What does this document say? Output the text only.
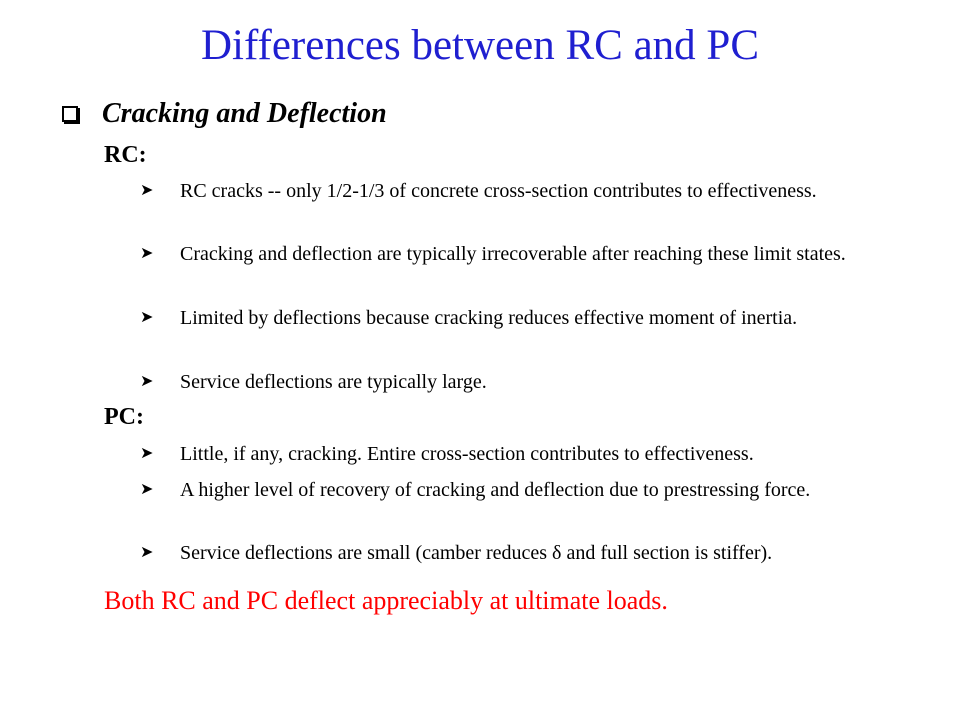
Differences between RC and PC
Cracking and Deflection
RC:
➤	RC cracks -- only 1/2-1/3 of concrete cross-section contributes to effectiveness.
➤	Cracking and deflection are typically irrecoverable after reaching these limit states.
➤	Limited by deflections because cracking reduces effective moment of inertia.
➤	Service deflections are typically large.
PC:
➤	Little, if any, cracking. Entire cross-section contributes to effectiveness.
➤	A higher level of recovery of cracking and deflection due to prestressing force.
➤	Service deflections are small (camber reduces δ and full section is stiffer).
Both RC and PC deflect appreciably at ultimate loads.
